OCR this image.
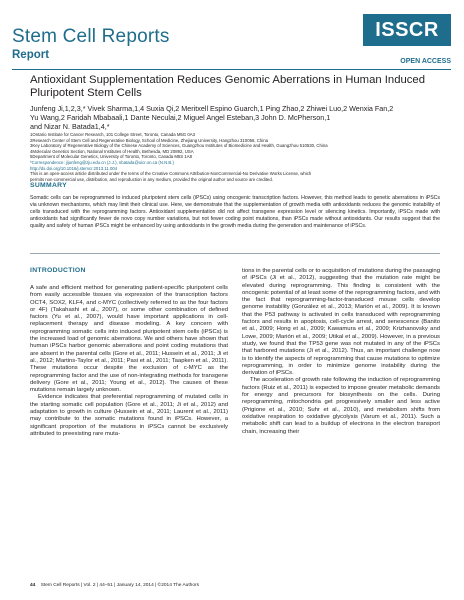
Stem Cell Reports
Report
ISSCR
OPEN ACCESS
Antioxidant Supplementation Reduces Genomic Aberrations in Human Induced Pluripotent Stem Cells
Junfeng Ji,1,2,3,* Vivek Sharma,1,4 Suxia Qi,2 Meritxell Espino Guarch,1 Ping Zhao,2 Zhiwei Luo,2 Wenxia Fan,2
Yu Wang,2 Faridah Mbabaali,1 Dante Neculai,2 Miguel Angel Esteban,3 John D. McPherson,1
and Nizar N. Batada1,4,*
1Ontario Institute for Cancer Research, 101 College Street, Toronto, Canada M5G 0A3
2Research Center of Stem Cell and Regenerative Biology, School of Medicine, Zhejiang University, Hangzhou 310058, China
3Key Laboratory of Regenerative Biology of the Chinese Academy of Sciences, Guangzhou Institutes of Biomedicine and Health, Guangzhou 510530, China
4Molecular Genetics Section, National Institutes of Health, Bethesda, MD 20892, USA
5Department of Molecular Genetics, University of Toronto, Toronto, Canada M5S 1A8
*Correspondence: jijunfeng@zju.edu.cn (J.J.), nbatada@oicr.on.ca (N.N.B.)
http://dx.doi.org/10.1016/j.stemcr.2013.11.004
This is an open-access article distributed under the terms of the Creative Commons Attribution-NonCommercial-No Derivative Works License, which
permits non-commercial use, distribution, and reproduction in any medium, provided the original author and source are credited.
SUMMARY
Somatic cells can be reprogrammed to induced pluripotent stem cells (iPSCs) using oncogenic transcription factors. However, this method leads to genetic aberrations in iPSCs via unknown mechanisms, which may limit their clinical use. Here, we demonstrate that the supplementation of growth media with antioxidants reduces the genomic instability of cells transduced with the reprogramming factors. Antioxidant supplementation did not affect transgene expression level or silencing kinetics. Importantly, iPSCs made with antioxidants had significantly fewer de novo copy number variations, but not fewer coding point mutations, than iPSCs made without antioxidants. Our results suggest that the quality and safety of human iPSCs might be enhanced by using antioxidants in the growth media during the generation and maintenance of iPSCs.
INTRODUCTION

A safe and efficient method for generating patient-specific pluripotent cells from easily accessible tissues via expression of the transcription factors OCT4, SOX2, KLF4, and c-MYC (collectively referred to as the four factors or 4F) (Takahashi et al., 2007), or some other combination of defined factors (Yu et al., 2007), would have important applications in cell-replacement therapy and disease modeling. A key concern with reprogramming somatic cells into induced pluripotent stem cells (iPSCs) is the increased load of genomic aberrations. We and others have shown that human iPSCs harbor genomic aberrations and point coding mutations that are absent in the parental cells (Gore et al., 2011; Hussein et al., 2011; Ji et al., 2012; Martins-Taylor et al., 2011; Pasi et al., 2011; Taapken et al., 2011). These mutations occur despite the exclusion of c-MYC as the reprogramming factor and the use of non-integrating methods for transgene delivery (Gore et al., 2011; Young et al., 2012). The causes of these mutations remain largely unknown.

Evidence indicates that preferential reprogramming of mutated cells in the starting somatic cell population (Gore et al., 2011; Ji et al., 2012) and adaptation to growth in culture (Hussein et al., 2011; Laurent et al., 2011) may contribute to the somatic mutations found in iPSCs. However, a significant proportion of the mutations in iPSCs cannot be exclusively attributed to preexisting rare muta-

tions in the parental cells or to acquisition of mutations during the passaging of iPSCs (Ji et al., 2012), suggesting that the mutation rate might be elevated during reprogramming. This finding is consistent with the oncogenic potential of at least some of the reprogramming factors, and with the fact that reprogramming-factor-transduced mouse cells develop genome instability (González et al., 2013; Marión et al., 2009). It is known that the P53 pathway is activated in cells transduced with reprogramming factors and results in apoptosis, cell-cycle arrest, and senescence (Banito et al., 2009; Hong et al., 2009; Kawamura et al., 2009; Krizhanovsky and Lowe, 2009; Marión et al., 2009; Utikal et al., 2009). However, in a previous study, we found that the TP53 gene was not mutated in any of the iPSCs that harbored mutations (Ji et al., 2012). Thus, an important challenge now is to identify the aspects of reprogramming that cause mutations to optimize reprogramming, in order to minimize genome instability during the derivation of iPSCs.

The acceleration of growth rate following the induction of reprogramming factors (Ruiz et al., 2011) is expected to impose greater metabolic demands for energy and precursors for biosynthesis on the cells. During reprogramming, mitochondria get progressively smaller and less active (Prigione et al., 2010; Suhr et al., 2010), and metabolism shifts from oxidative respiration to oxidative glycolysis (Varum et al., 2011). Such a metabolic shift can lead to a buildup of electrons in the electron transport chain, increasing their

44 Stem Cell Reports | Vol. 2 | 44–51 | January 14, 2014 | ©2014 The Authors
